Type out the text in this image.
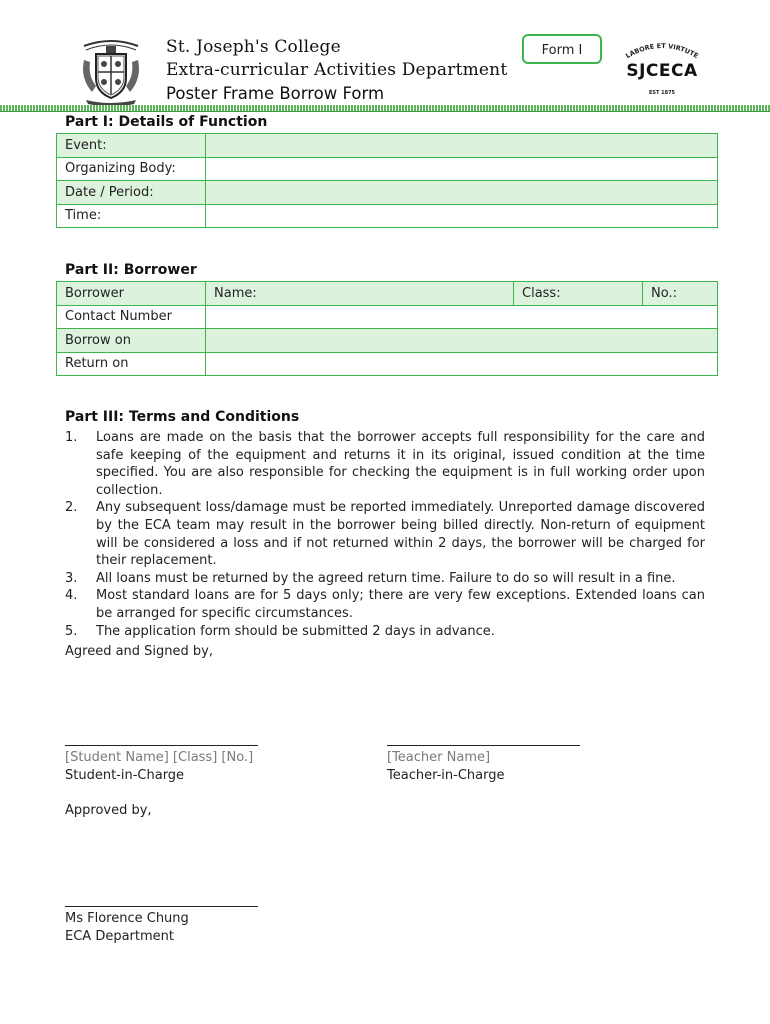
St. Joseph's College
Extra-curricular Activities Department
Poster Frame Borrow Form
Form I	LABORE ET VIRTUTE
SJCECA
EST 1875
Part I: Details of Function
Event:	
Organizing Body:	
Date / Period:	
Time:	
Part II: Borrower
Borrower	Name:	Class:	No.:
Contact Number			
Borrow on			
Return on			
Part III: Terms and Conditions
1. Loans are made on the basis that the borrower accepts full responsibility for the care and safe keeping of the equipment and returns it in its original, issued condition at the time specified. You are also responsible for checking the equipment is in full working order upon collection.
2. Any subsequent loss/damage must be reported immediately. Unreported damage discovered by the ECA team may result in the borrower being billed directly. Non-return of equipment will be considered a loss and if not returned within 2 days, the borrower will be charged for their replacement.
3. All loans must be returned by the agreed return time. Failure to do so will result in a fine.
4. Most standard loans are for 5 days only; there are very few exceptions. Extended loans can be arranged for specific circumstances.
5. The application form should be submitted 2 days in advance.
Agreed and Signed by,
[Student Name] [Class] [No.]
Student-in-Charge
[Teacher Name]
Teacher-in-Charge
Approved by,
Ms Florence Chung
ECA Department
